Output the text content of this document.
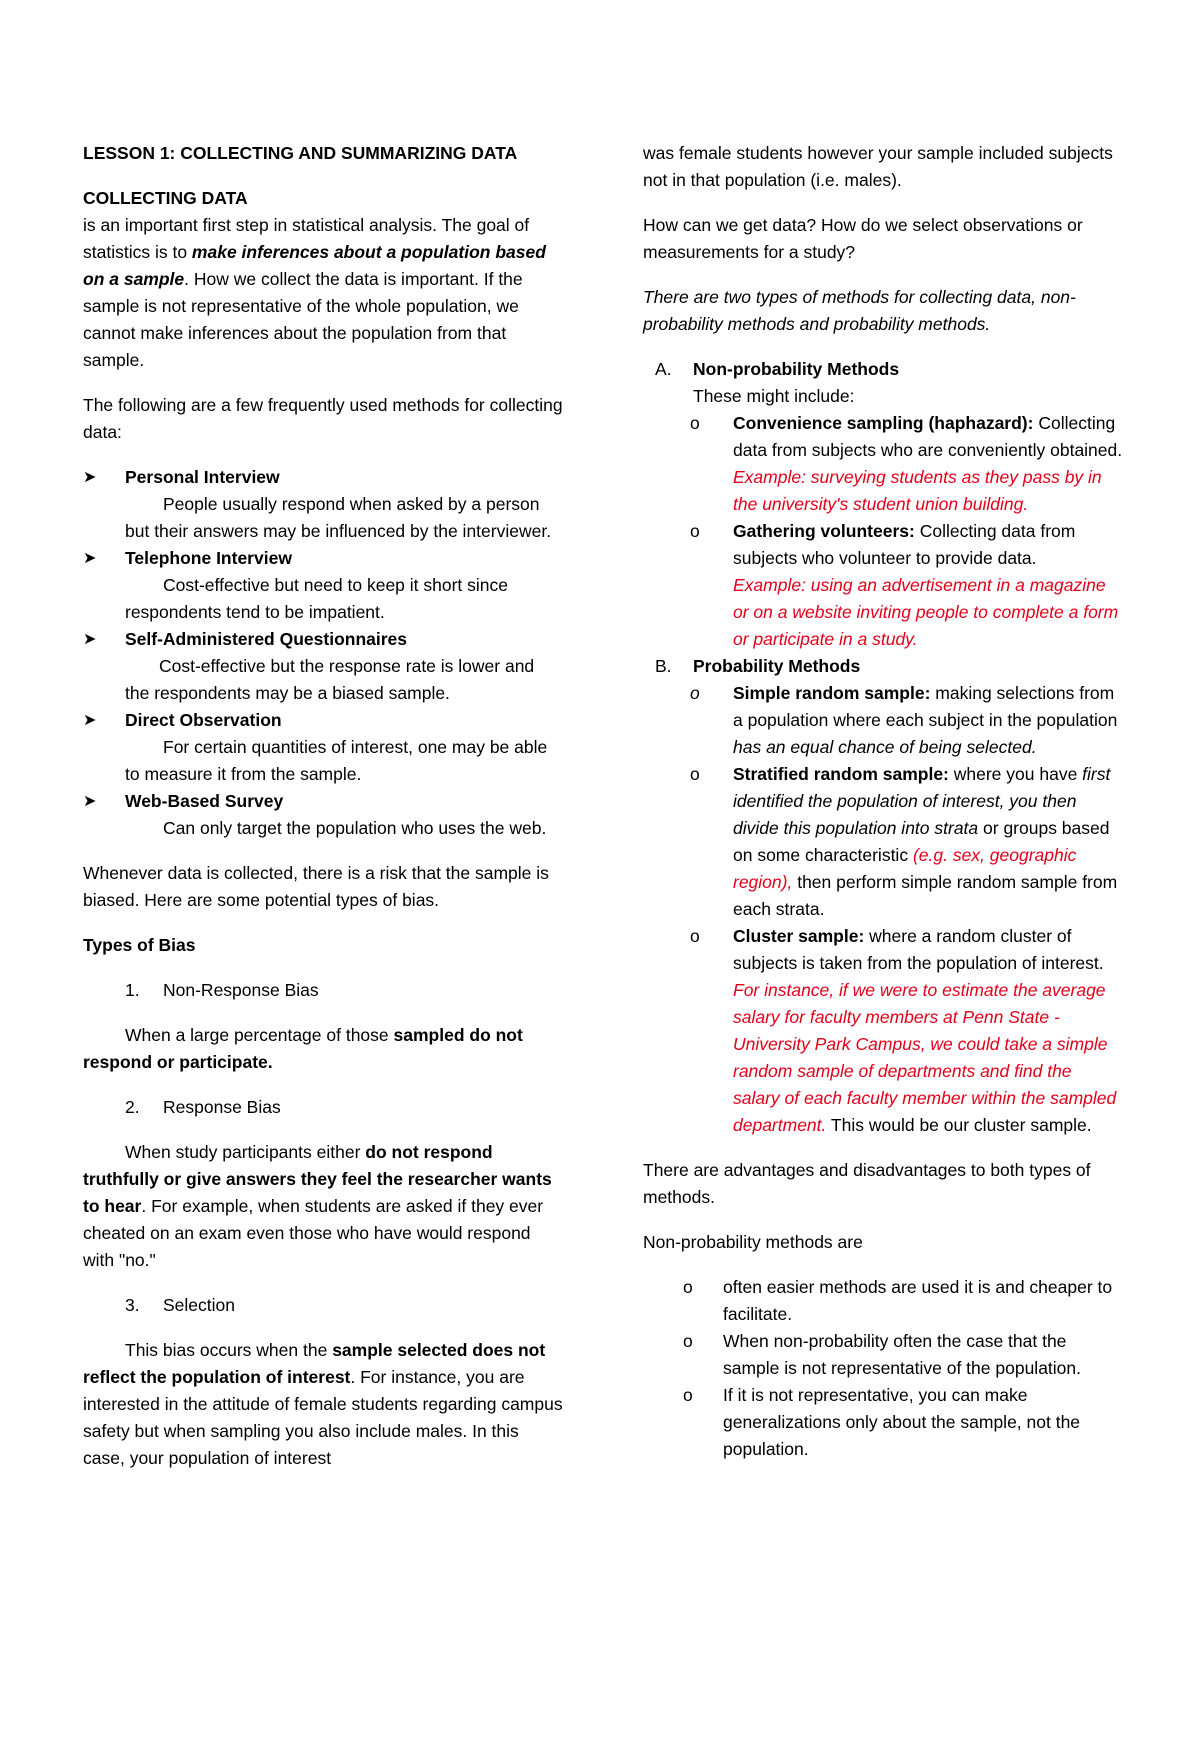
LESSON 1: COLLECTING AND SUMMARIZING DATA

COLLECTING DATA
is an important first step in statistical analysis. The goal of statistics is to make inferences about a population based on a sample. How we collect the data is important. If the sample is not representative of the whole population, we cannot make inferences about the population from that sample.

The following are a few frequently used methods for collecting data:

➤ Personal Interview
People usually respond when asked by a person but their answers may be influenced by the interviewer.
➤ Telephone Interview
Cost-effective but need to keep it short since respondents tend to be impatient.
➤ Self-Administered Questionnaires
Cost-effective but the response rate is lower and the respondents may be a biased sample.
➤ Direct Observation
For certain quantities of interest, one may be able to measure it from the sample.
➤ Web-Based Survey
Can only target the population who uses the web.

Whenever data is collected, there is a risk that the sample is biased. Here are some potential types of bias.

Types of Bias

1. Non-Response Bias

When a large percentage of those sampled do not respond or participate.

2. Response Bias

When study participants either do not respond truthfully or give answers they feel the researcher wants to hear. For example, when students are asked if they ever cheated on an exam even those who have would respond with "no."

3. Selection

This bias occurs when the sample selected does not reflect the population of interest. For instance, you are interested in the attitude of female students regarding campus safety but when sampling you also include males. In this case, your population of interest

was female students however your sample included subjects not in that population (i.e. males).

How can we get data? How do we select observations or measurements for a study?

There are two types of methods for collecting data, non-probability methods and probability methods.

A. Non-probability Methods
These might include:
o Convenience sampling (haphazard): Collecting data from subjects who are conveniently obtained.
Example: surveying students as they pass by in the university's student union building.
o Gathering volunteers: Collecting data from subjects who volunteer to provide data.
Example: using an advertisement in a magazine or on a website inviting people to complete a form or participate in a study.
B. Probability Methods
o Simple random sample: making selections from a population where each subject in the population has an equal chance of being selected.
o Stratified random sample: where you have first identified the population of interest, you then divide this population into strata or groups based on some characteristic (e.g. sex, geographic region), then perform simple random sample from each strata.
o Cluster sample: where a random cluster of subjects is taken from the population of interest. For instance, if we were to estimate the average salary for faculty members at Penn State - University Park Campus, we could take a simple random sample of departments and find the salary of each faculty member within the sampled department. This would be our cluster sample.

There are advantages and disadvantages to both types of methods.

Non-probability methods are

o often easier methods are used it is and cheaper to facilitate.
o When non-probability often the case that the sample is not representative of the population.
o If it is not representative, you can make generalizations only about the sample, not the population.
